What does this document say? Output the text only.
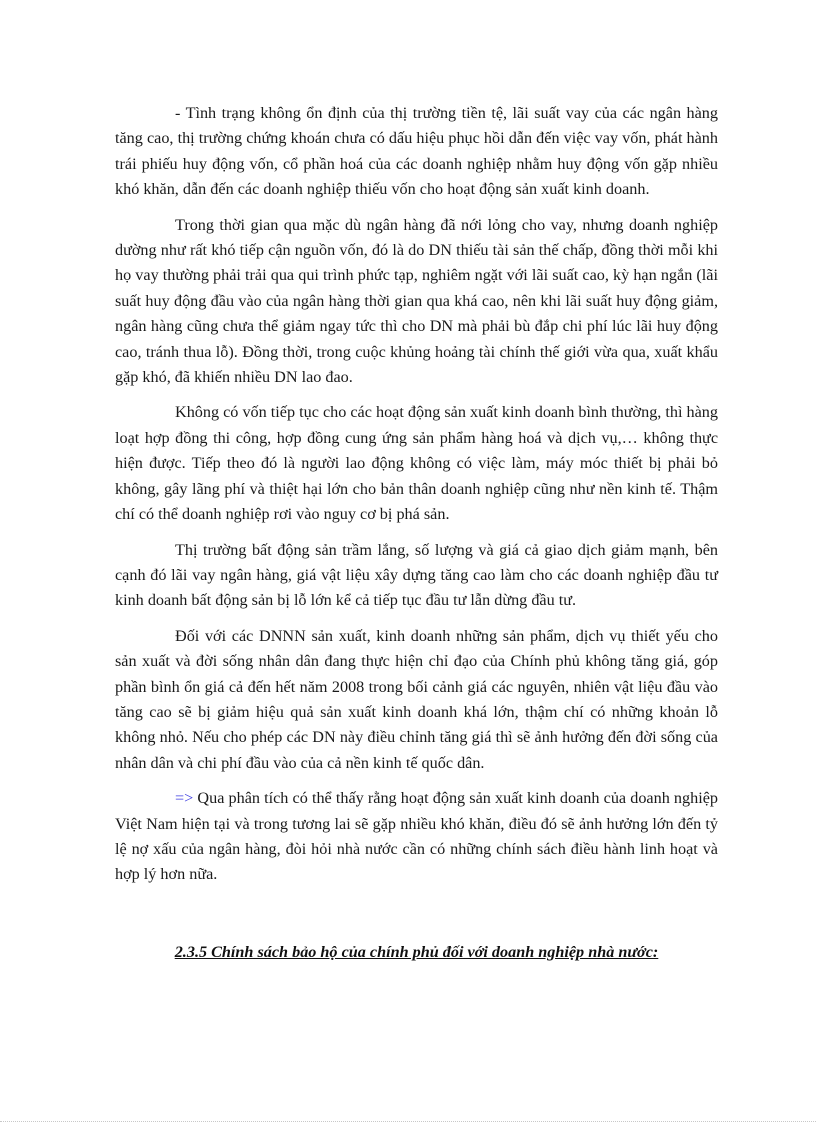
- Tình trạng không ổn định của thị trường tiền tệ, lãi suất vay của các ngân hàng tăng cao, thị trường chứng khoán chưa có dấu hiệu phục hồi dẫn đến việc vay vốn, phát hành trái phiếu huy động vốn, cổ phần hoá của các doanh nghiệp nhằm huy động vốn gặp nhiều khó khăn, dẫn đến các doanh nghiệp thiếu vốn cho hoạt động sản xuất kinh doanh.

Trong thời gian qua mặc dù ngân hàng đã nới lỏng cho vay, nhưng doanh nghiệp dường như rất khó tiếp cận nguồn vốn, đó là do DN thiếu tài sản thế chấp, đồng thời mỗi khi họ vay thường phải trải qua qui trình phức tạp, nghiêm ngặt với lãi suất cao, kỳ hạn ngắn (lãi suất huy động đầu vào của ngân hàng thời gian qua khá cao, nên khi lãi suất huy động giảm, ngân hàng cũng chưa thể giảm ngay tức thì cho DN mà phải bù đắp chi phí lúc lãi huy động cao, tránh thua lỗ). Đồng thời, trong cuộc khủng hoảng tài chính thế giới vừa qua, xuất khẩu gặp khó, đã khiến nhiều DN lao đao.

Không có vốn tiếp tục cho các hoạt động sản xuất kinh doanh bình thường, thì hàng loạt hợp đồng thi công, hợp đồng cung ứng sản phẩm hàng hoá và dịch vụ,… không thực hiện được. Tiếp theo đó là người lao động không có việc làm, máy móc thiết bị phải bỏ không, gây lãng phí và thiệt hại lớn cho bản thân doanh nghiệp cũng như nền kinh tế. Thậm chí có thể doanh nghiệp rơi vào nguy cơ bị phá sản.

Thị trường bất động sản trầm lắng, số lượng và giá cả giao dịch giảm mạnh, bên cạnh đó lãi vay ngân hàng, giá vật liệu xây dựng tăng cao làm cho các doanh nghiệp đầu tư kinh doanh bất động sản bị lỗ lớn kể cả tiếp tục đầu tư lẫn dừng đầu tư.

Đối với các DNNN sản xuất, kinh doanh những sản phẩm, dịch vụ thiết yếu cho sản xuất và đời sống nhân dân đang thực hiện chỉ đạo của Chính phủ không tăng giá, góp phần bình ổn giá cả đến hết năm 2008 trong bối cảnh giá các nguyên, nhiên vật liệu đầu vào tăng cao sẽ bị giảm hiệu quả sản xuất kinh doanh khá lớn, thậm chí có những khoản lỗ không nhỏ. Nếu cho phép các DN này điều chỉnh tăng giá thì sẽ ảnh hưởng đến đời sống của nhân dân và chi phí đầu vào của cả nền kinh tế quốc dân.

=> Qua phân tích có thể thấy rằng hoạt động sản xuất kinh doanh của doanh nghiệp Việt Nam hiện tại và trong tương lai sẽ gặp nhiều khó khăn, điều đó sẽ ảnh hưởng lớn đến tỷ lệ nợ xấu của ngân hàng, đòi hỏi nhà nước cần có những chính sách điều hành linh hoạt và hợp lý hơn nữa.

2.3.5 Chính sách bảo hộ của chính phủ đối với doanh nghiệp nhà nước:
